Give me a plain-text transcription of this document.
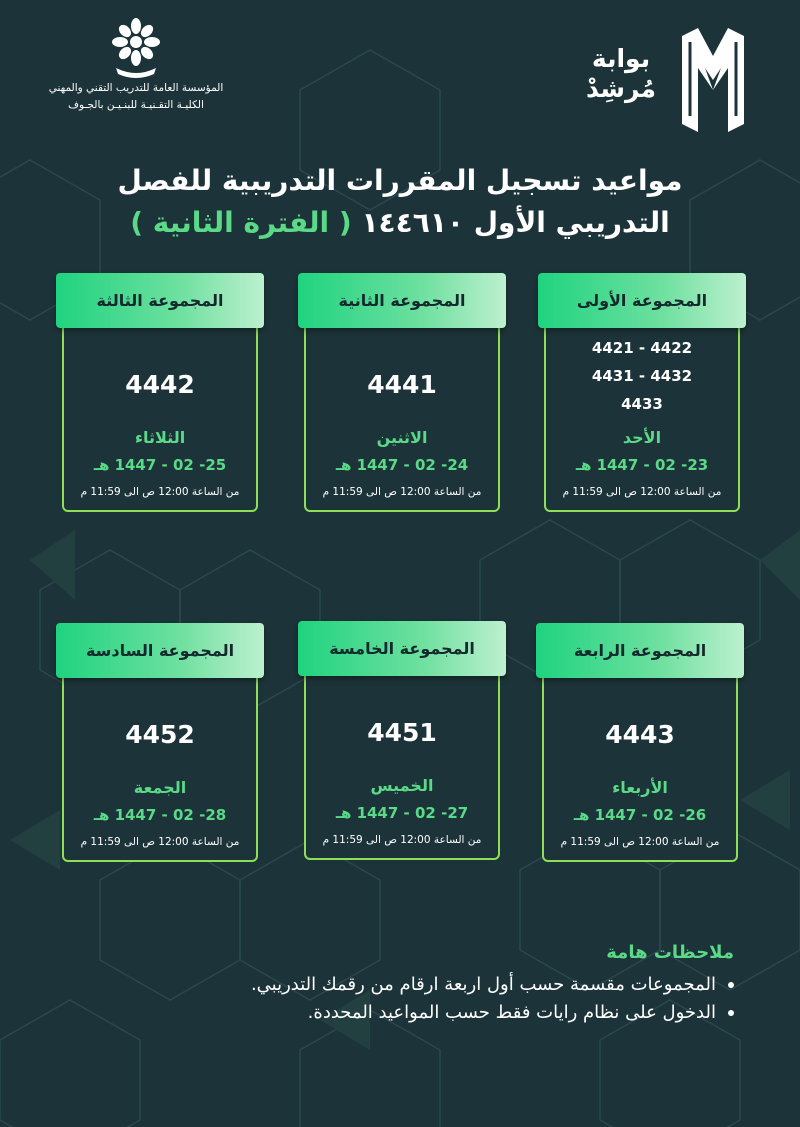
بوابة
مُرشِدْ
المؤسسة العامة للتدريب التقني والمهني
الكليـة التقـنيـة للبنـيـن بالجـوف
مواعيد تسجيل المقررات التدريبية للفصل
التدريبي الأول ١٤٤٦١٠ ( الفترة الثانية )
المجموعة الأولى
4421 - 4422
4431 - 4432
4433
الأحد
23- 02 - 1447 هـ
من الساعة 12:00 ص الى 11:59 م
المجموعة الثانية
4441
الاثنين
24- 02 - 1447 هـ
من الساعة 12:00 ص الى 11:59 م
المجموعة الثالثة
4442
الثلاثاء
25- 02 - 1447 هـ
من الساعة 12:00 ص الى 11:59 م
المجموعة الرابعة
4443
الأربعاء
26- 02 - 1447 هـ
من الساعة 12:00 ص الى 11:59 م
المجموعة الخامسة
4451
الخميس
27- 02 - 1447 هـ
من الساعة 12:00 ص الى 11:59 م
المجموعة السادسة
4452
الجمعة
28- 02 - 1447 هـ
من الساعة 12:00 ص الى 11:59 م
ملاحظات هامة
المجموعات مقسمة حسب أول اربعة ارقام من رقمك التدريبي.
الدخول على نظام رايات فقط حسب المواعيد المحددة.
